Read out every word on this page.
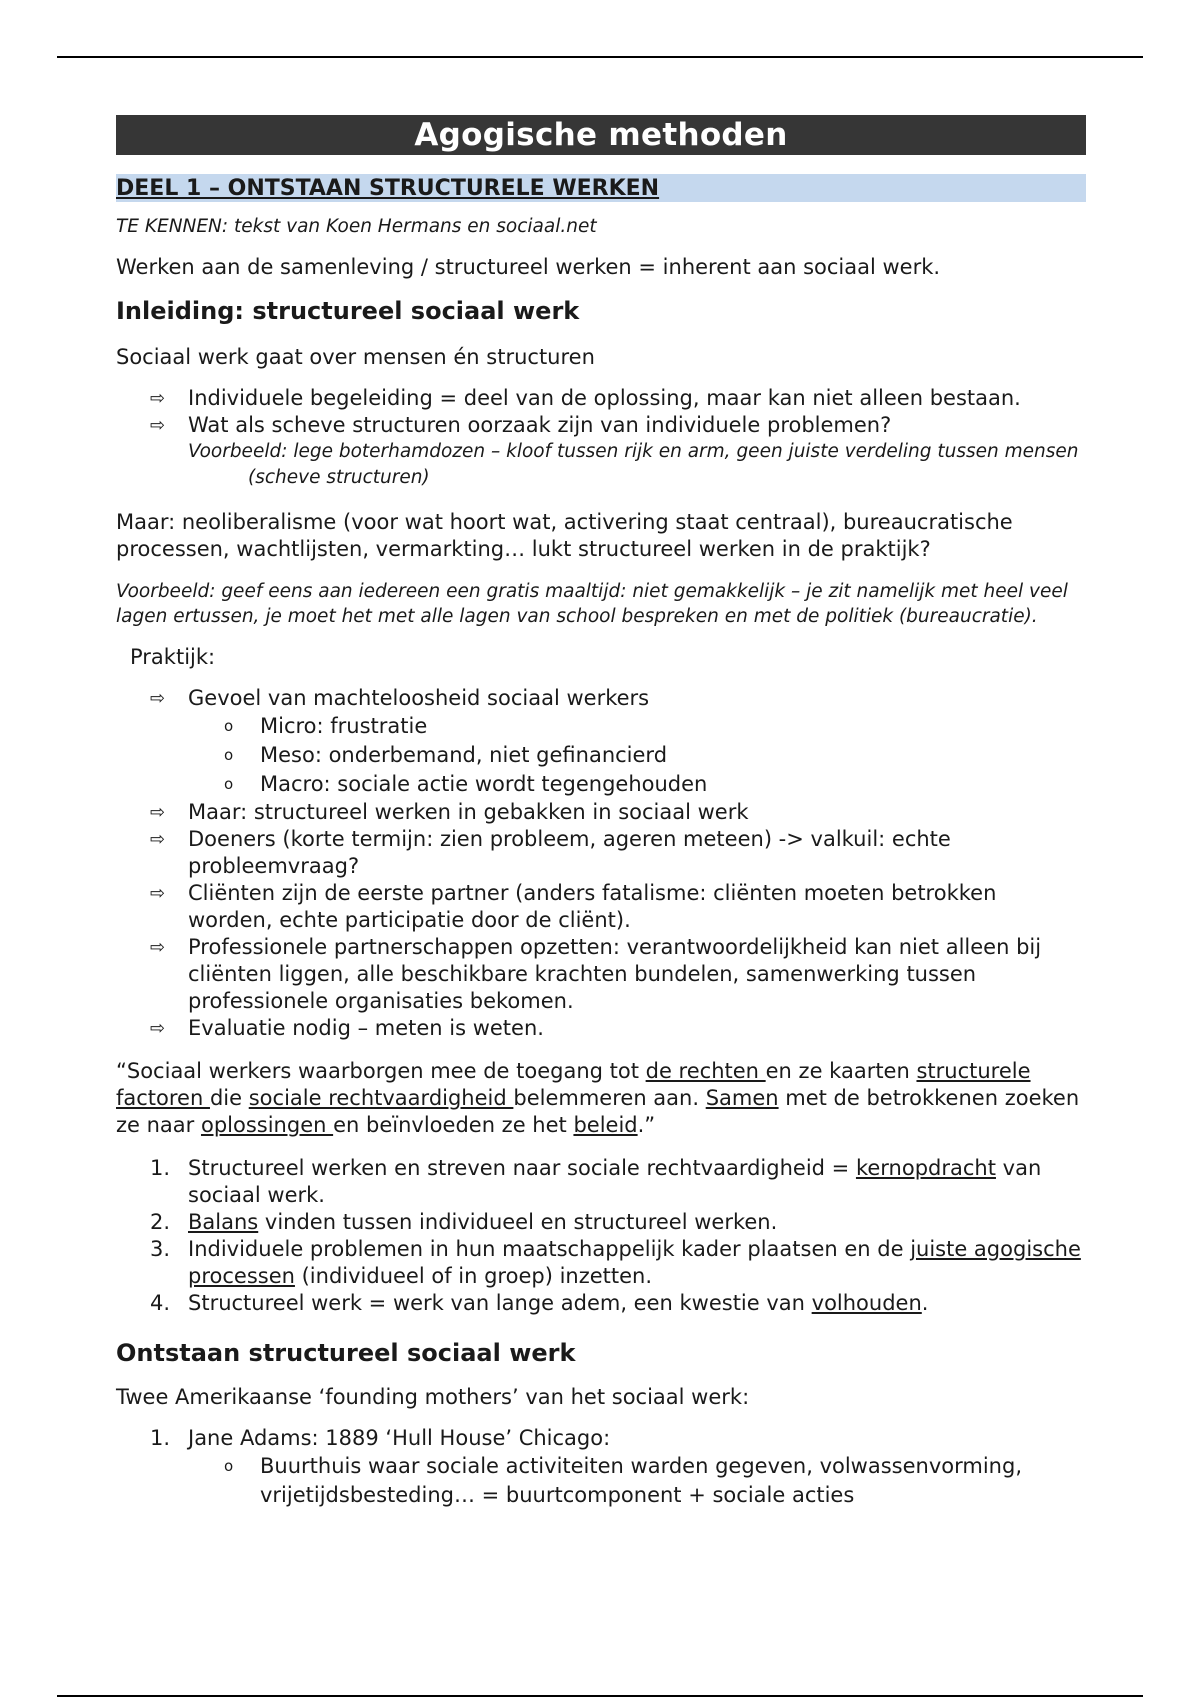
Agogische methoden
DEEL 1 – ONTSTAAN STRUCTURELE WERKEN

TE KENNEN: tekst van Koen Hermans en sociaal.net

Werken aan de samenleving / structureel werken = inherent aan sociaal werk.

Inleiding: structureel sociaal werk

Sociaal werk gaat over mensen én structuren

⇨	Individuele begeleiding = deel van de oplossing, maar kan niet alleen bestaan.
⇨	Wat als scheve structuren oorzaak zijn van individuele problemen?
Voorbeeld: lege boterhamdozen – kloof tussen rijk en arm, geen juiste verdeling tussen mensen(scheve structuren)

Maar: neoliberalisme (voor wat hoort wat, activering staat centraal), bureaucratische processen, wachtlijsten, vermarkting… lukt structureel werken in de praktijk?

Voorbeeld: geef eens aan iedereen een gratis maaltijd: niet gemakkelijk – je zit namelijk met heel veel lagen ertussen, je moet het met alle lagen van school bespreken en met de politiek (bureaucratie).

Praktijk:

⇨	Gevoel van machteloosheid sociaal werkers
o Micro: frustratie
o Meso: onderbemand, niet gefinancierd
o Macro: sociale actie wordt tegengehouden
⇨	Maar: structureel werken in gebakken in sociaal werk
⇨	Doeners (korte termijn: zien probleem, ageren meteen) -> valkuil: echte probleemvraag?
⇨	Cliënten zijn de eerste partner (anders fatalisme: cliënten moeten betrokken worden, echte participatie door de cliënt).
⇨	Professionele partnerschappen opzetten: verantwoordelijkheid kan niet alleen bij cliënten liggen, alle beschikbare krachten bundelen, samenwerking tussen professionele organisaties bekomen.
⇨	Evaluatie nodig – meten is weten.

“Sociaal werkers waarborgen mee de toegang tot de rechten en ze kaarten structurele factoren die sociale rechtvaardigheid belemmeren aan. Samen met de betrokkenen zoeken ze naar oplossingen en beïnvloeden ze het beleid.”

1. Structureel werken en streven naar sociale rechtvaardigheid = kernopdracht van sociaal werk.
2. Balans vinden tussen individueel en structureel werken.
3. Individuele problemen in hun maatschappelijk kader plaatsen en de juiste agogische processen (individueel of in groep) inzetten.
4. Structureel werk = werk van lange adem, een kwestie van volhouden.
Ontstaan structureel sociaal werk

Twee Amerikaanse ‘founding mothers’ van het sociaal werk:

1. Jane Adams: 1889 ‘Hull House’ Chicago:
o Buurthuis waar sociale activiteiten warden gegeven, volwassenvorming, vrijetijdsbesteding… = buurtcomponent + sociale acties
